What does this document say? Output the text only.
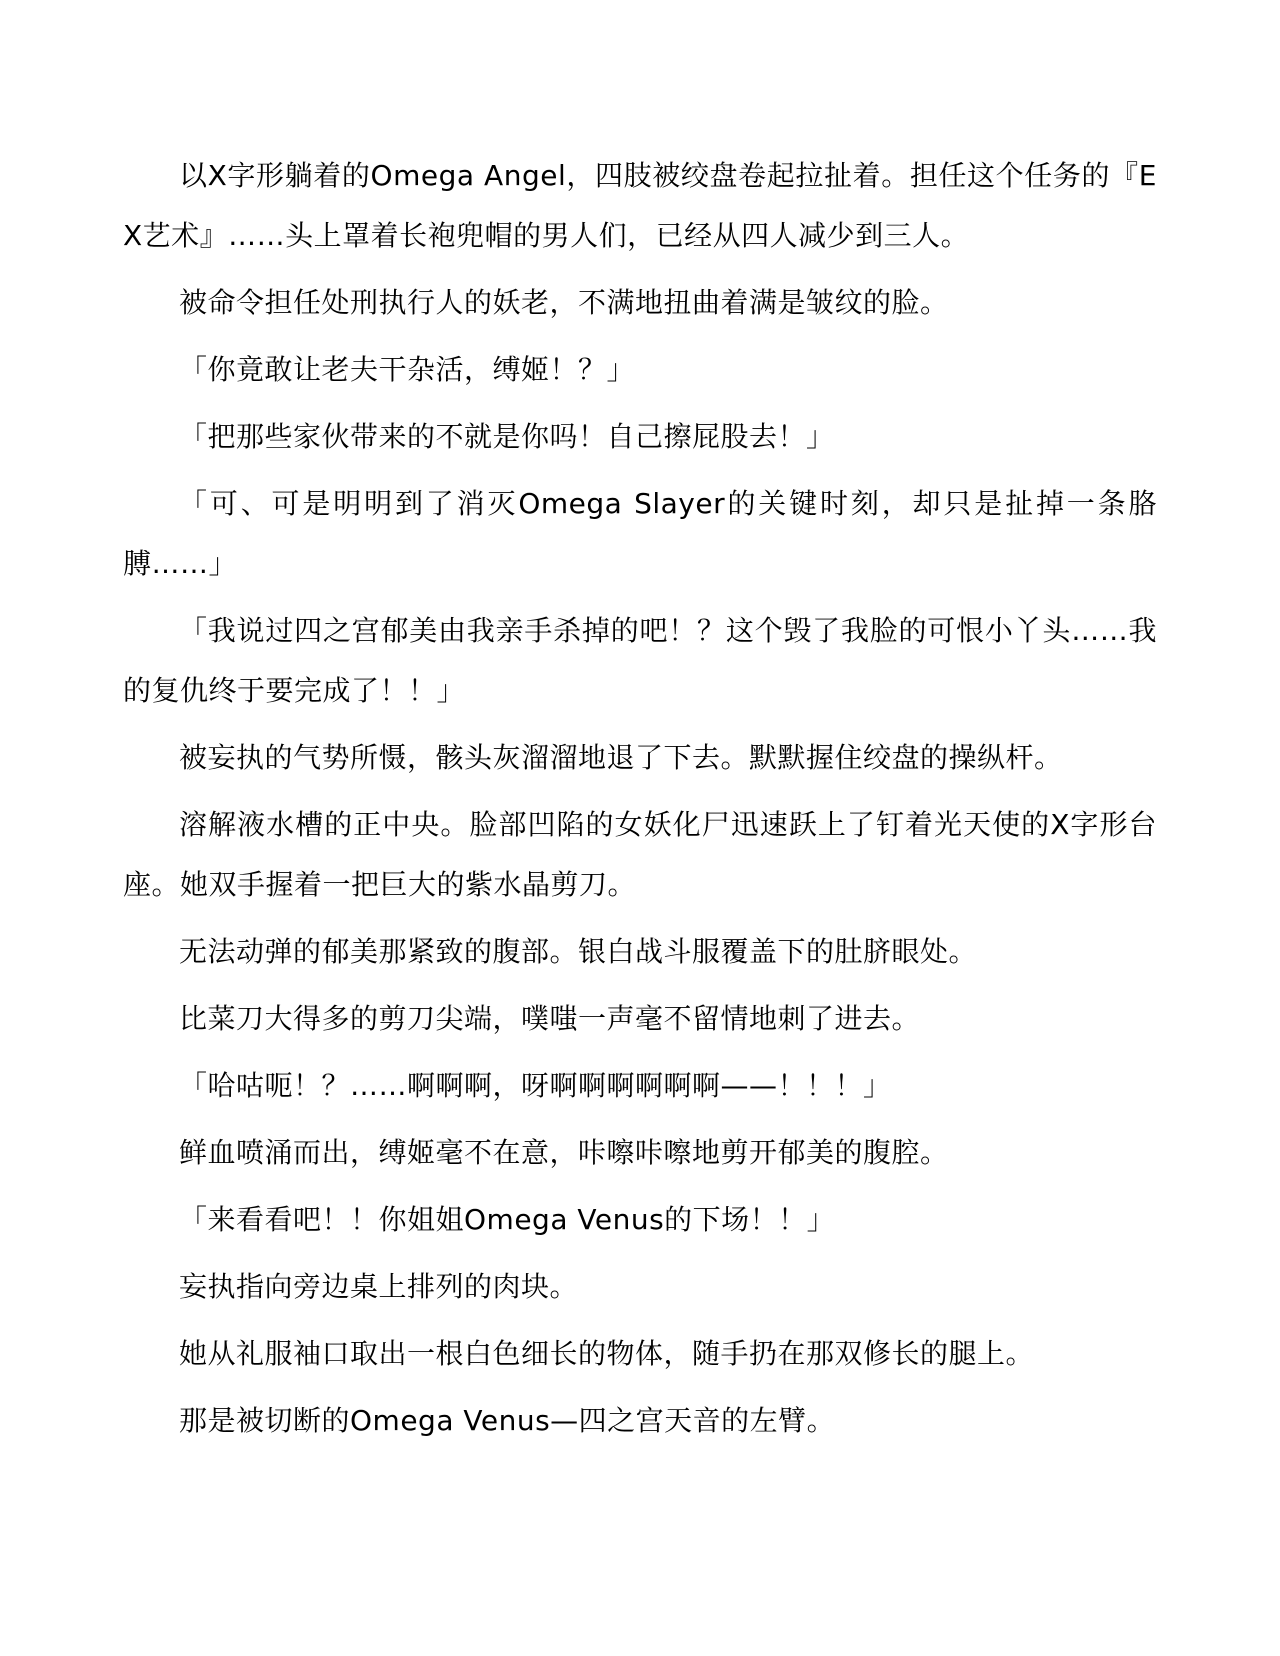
以X字形躺着的Omega Angel，四肢被绞盘卷起拉扯着。担任这个任务的『EX艺术』……头上罩着长袍兜帽的男人们，已经从四人减少到三人。

被命令担任处刑执行人的妖老，不满地扭曲着满是皱纹的脸。

「你竟敢让老夫干杂活，缚姬！？」

「把那些家伙带来的不就是你吗！自己擦屁股去！」

「可、可是明明到了消灭Omega Slayer的关键时刻，却只是扯掉一条胳膊……」

「我说过四之宫郁美由我亲手杀掉的吧！？这个毁了我脸的可恨小丫头……我的复仇终于要完成了！！」

被妄执的气势所慑，骸头灰溜溜地退了下去。默默握住绞盘的操纵杆。

溶解液水槽的正中央。脸部凹陷的女妖化尸迅速跃上了钉着光天使的X字形台座。她双手握着一把巨大的紫水晶剪刀。

无法动弹的郁美那紧致的腹部。银白战斗服覆盖下的肚脐眼处。

比菜刀大得多的剪刀尖端，噗嗤一声毫不留情地刺了进去。

「哈咕呃！？……啊啊啊，呀啊啊啊啊啊啊——！！！」

鲜血喷涌而出，缚姬毫不在意，咔嚓咔嚓地剪开郁美的腹腔。

「来看看吧！！你姐姐Omega Venus的下场！！」

妄执指向旁边桌上排列的肉块。

她从礼服袖口取出一根白色细长的物体，随手扔在那双修长的腿上。

那是被切断的Omega Venus—四之宫天音的左臂。
